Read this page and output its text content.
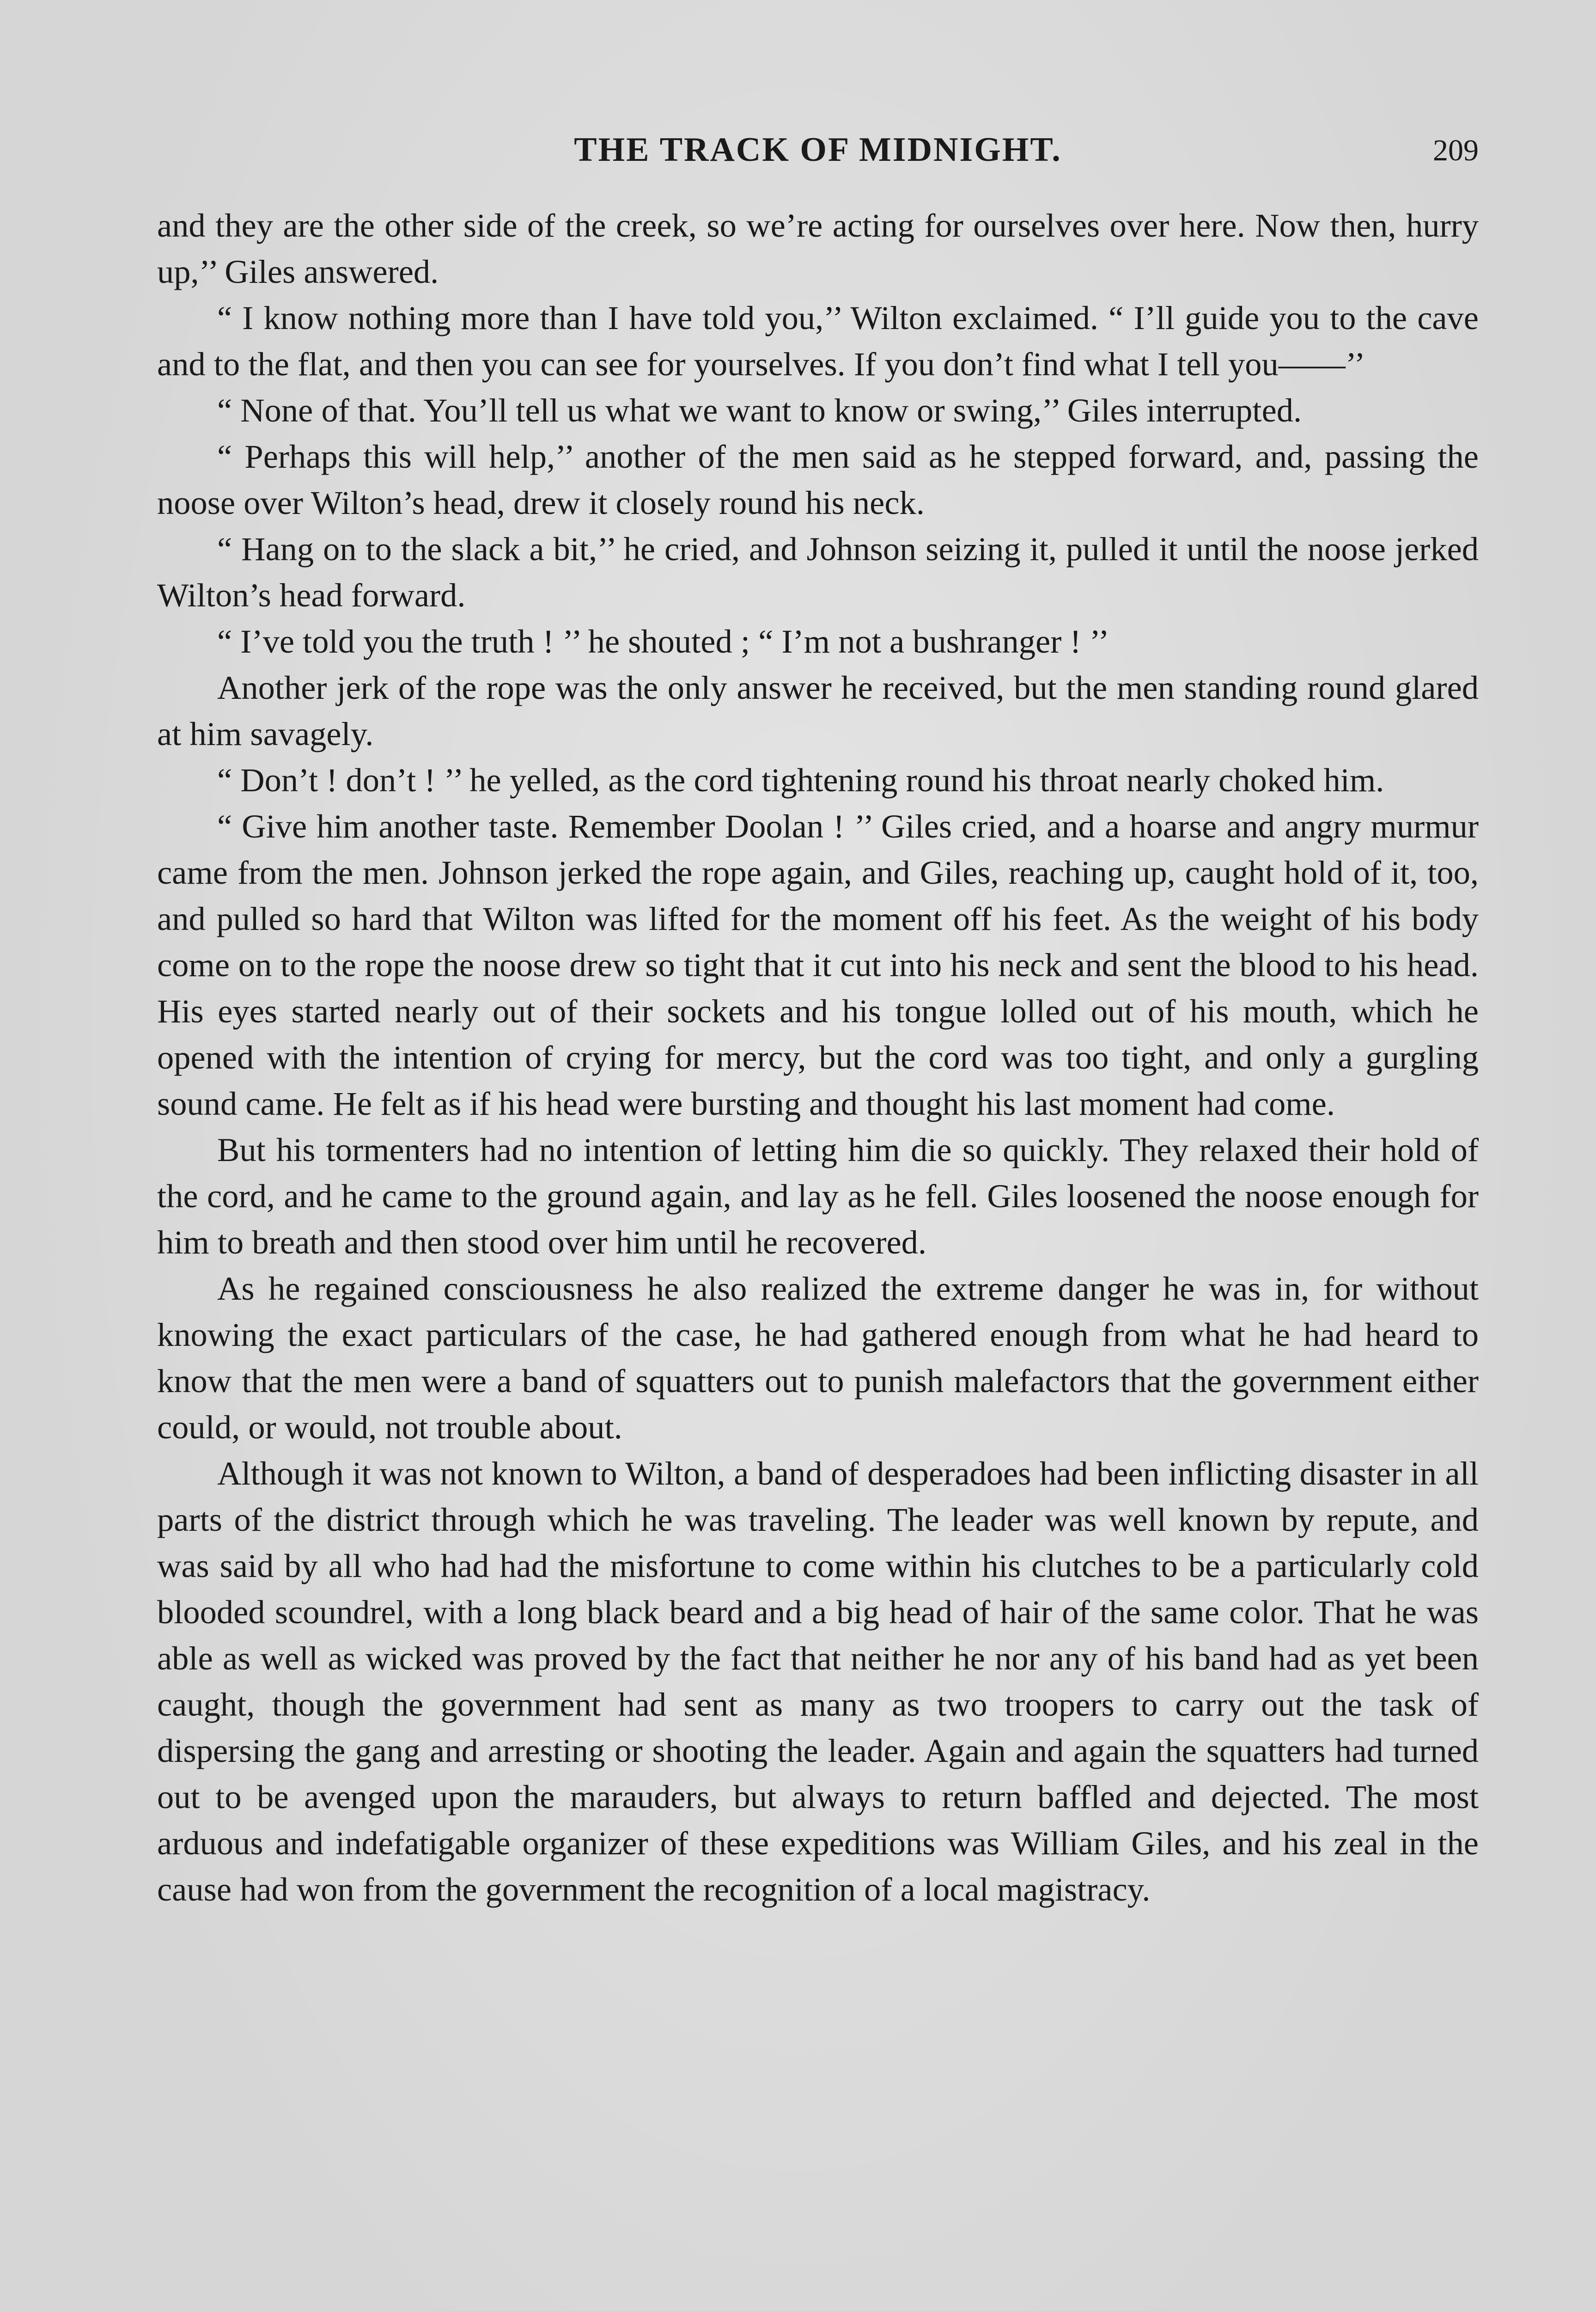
THE TRACK OF MIDNIGHT.	209

and they are the other side of the creek, so we’re acting for ourselves over here. Now then, hurry up,’’ Giles answered.

“ I know nothing more than I have told you,’’ Wilton exclaimed. “ I’ll guide you to the cave and to the flat, and then you can see for yourselves. If you don’t find what I tell you——’’

“ None of that. You’ll tell us what we want to know or swing,’’ Giles interrupted.

“ Perhaps this will help,’’ another of the men said as he stepped forward, and, passing the noose over Wilton’s head, drew it closely round his neck.

“ Hang on to the slack a bit,’’ he cried, and Johnson seizing it, pulled it until the noose jerked Wilton’s head forward.

“ I’ve told you the truth ! ’’ he shouted ; “ I’m not a bushranger ! ’’

Another jerk of the rope was the only answer he received, but the men standing round glared at him savagely.

“ Don’t ! don’t ! ’’ he yelled, as the cord tightening round his throat nearly choked him.

“ Give him another taste. Remember Doolan ! ’’ Giles cried, and a hoarse and angry murmur came from the men. Johnson jerked the rope again, and Giles, reaching up, caught hold of it, too, and pulled so hard that Wilton was lifted for the moment off his feet. As the weight of his body come on to the rope the noose drew so tight that it cut into his neck and sent the blood to his head. His eyes started nearly out of their sockets and his tongue lolled out of his mouth, which he opened with the intention of crying for mercy, but the cord was too tight, and only a gurgling sound came. He felt as if his head were bursting and thought his last moment had come.

But his tormenters had no intention of letting him die so quickly. They relaxed their hold of the cord, and he came to the ground again, and lay as he fell. Giles loosened the noose enough for him to breath and then stood over him until he recovered.

As he regained consciousness he also realized the extreme danger he was in, for without knowing the exact particulars of the case, he had gathered enough from what he had heard to know that the men were a band of squatters out to punish malefactors that the government either could, or would, not trouble about.

Although it was not known to Wilton, a band of desperadoes had been inflicting disaster in all parts of the district through which he was traveling. The leader was well known by repute, and was said by all who had had the misfortune to come within his clutches to be a particularly cold blooded scoundrel, with a long black beard and a big head of hair of the same color. That he was able as well as wicked was proved by the fact that neither he nor any of his band had as yet been caught, though the government had sent as many as two troopers to carry out the task of dispersing the gang and arresting or shooting the leader. Again and again the squatters had turned out to be avenged upon the marauders, but always to return baffled and dejected. The most arduous and indefatigable organizer of these expeditions was William Giles, and his zeal in the cause had won from the government the recognition of a local magistracy.
